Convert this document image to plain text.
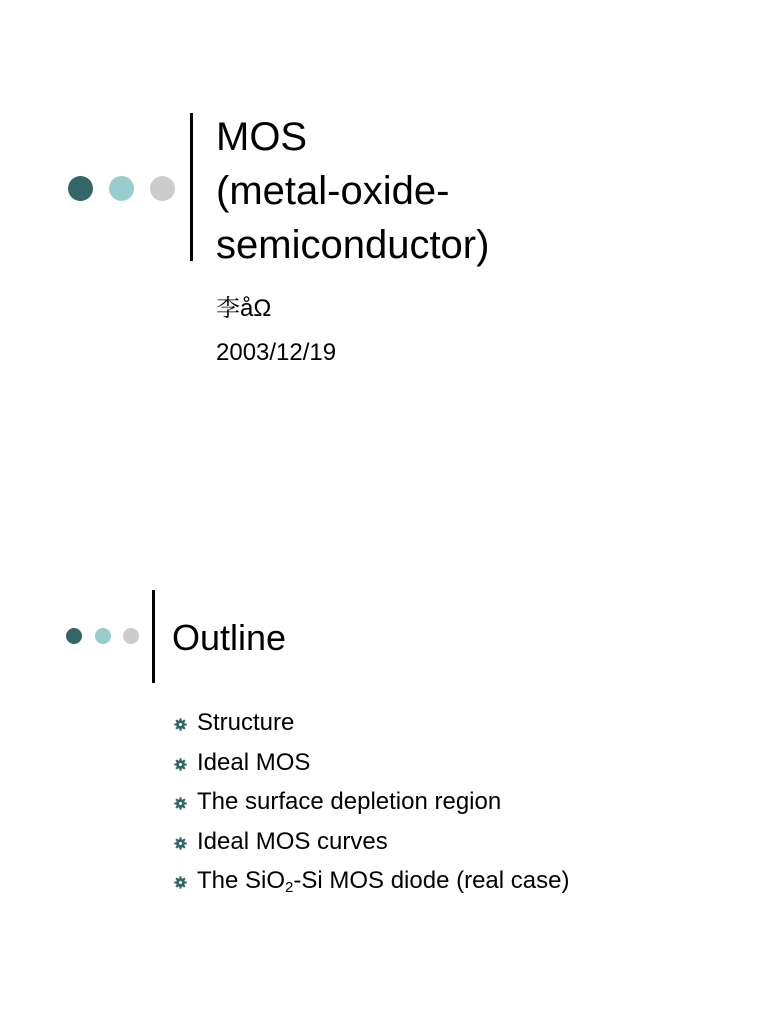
MOS
(metal-oxide-
semiconductor)
李åΩ
2003/12/19
Outline
Structure
Ideal MOS
The surface depletion region
Ideal MOS curves
The SiO$_2$-Si MOS diode (real case)
